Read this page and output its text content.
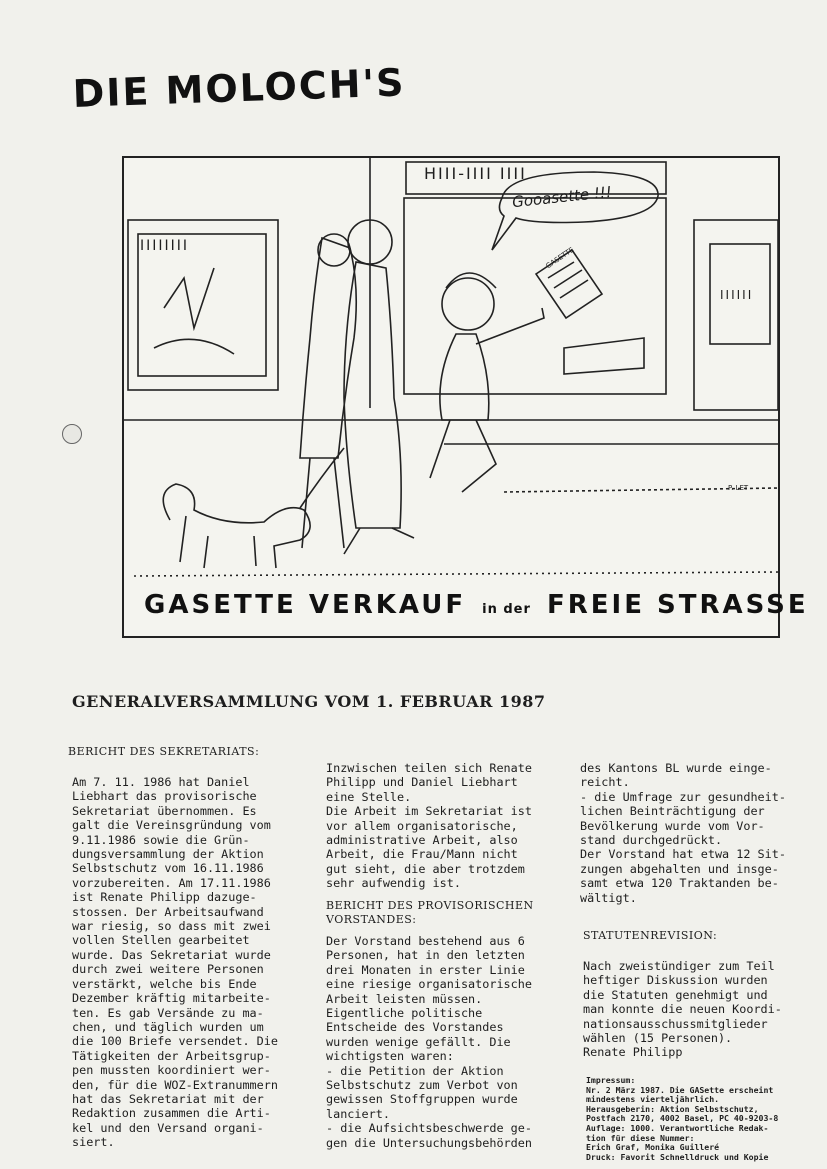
DIE MOLOCH'S
HIII-IIII IIII
IIIIIIII
IIIIII
Gooasette !!!
GASETTE
P. LET
GASETTE VERKAUF in der FREIE STRASSE
GENERALVERSAMMLUNG VOM 1. FEBRUAR 1987
BERICHT DES SEKRETARIATS:
Am 7. 11. 1986 hat Daniel
Liebhart das provisorische
Sekretariat übernommen. Es
galt die Vereinsgründung vom
9.11.1986 sowie die Grün-
dungsversammlung der Aktion
Selbstschutz vom 16.11.1986
vorzubereiten. Am 17.11.1986
ist Renate Philipp dazuge-
stossen. Der Arbeitsaufwand
war riesig, so dass mit zwei
vollen Stellen gearbeitet
wurde. Das Sekretariat wurde
durch zwei weitere Personen
verstärkt, welche bis Ende
Dezember kräftig mitarbeite-
ten. Es gab Versände zu ma-
chen, und täglich wurden um
die 100 Briefe versendet. Die
Tätigkeiten der Arbeitsgrup-
pen mussten koordiniert wer-
den, für die WOZ-Extranummern
hat das Sekretariat mit der
Redaktion zusammen die Arti-
kel und den Versand organi-
siert.
Inzwischen teilen sich Renate
Philipp und Daniel Liebhart
eine Stelle.
Die Arbeit im Sekretariat ist
vor allem organisatorische,
administrative Arbeit, also
Arbeit, die Frau/Mann nicht
gut sieht, die aber trotzdem
sehr aufwendig ist.
BERICHT DES PROVISORISCHEN
VORSTANDES:
Der Vorstand bestehend aus 6
Personen, hat in den letzten
drei Monaten in erster Linie
eine riesige organisatorische
Arbeit leisten müssen.
Eigentliche politische
Entscheide des Vorstandes
wurden wenige gefällt. Die
wichtigsten waren:
- die Petition der Aktion
Selbstschutz zum Verbot von
gewissen Stoffgruppen wurde
lanciert.
- die Aufsichtsbeschwerde ge-
gen die Untersuchungsbehörden
des Kantons BL wurde einge-
reicht.
- die Umfrage zur gesundheit-
lichen Beinträchtigung der
Bevölkerung wurde vom Vor-
stand durchgedrückt.
Der Vorstand hat etwa 12 Sit-
zungen abgehalten und insge-
samt etwa 120 Traktanden be-
wältigt.
STATUTENREVISION:
Nach zweistündiger zum Teil
heftiger Diskussion wurden
die Statuten genehmigt und
man konnte die neuen Koordi-
nationsausschussmitglieder
wählen (15 Personen).
Renate Philipp
Impressum:
Nr. 2 März 1987. Die GASette erscheint
mindestens vierteljährlich.
Herausgeberin: Aktion Selbstschutz,
Postfach 2170, 4002 Basel, PC 40-9203-8
Auflage: 1000. Verantwortliche Redak-
tion für diese Nummer:
Erich Graf, Monika Guilleré
Druck: Favorit Schnelldruck und Kopie
